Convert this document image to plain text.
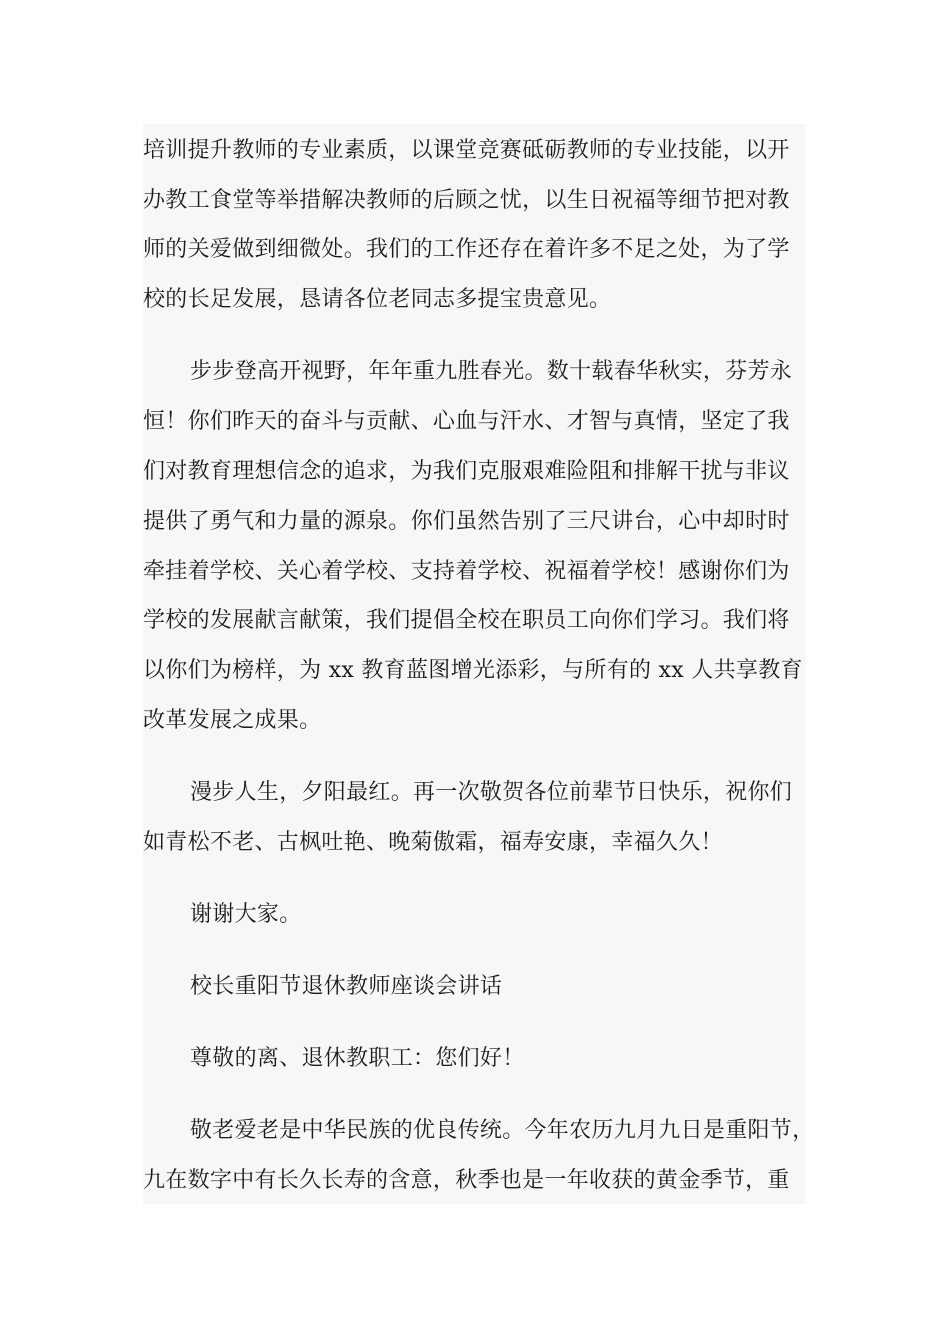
培训提升教师的专业素质，以课堂竞赛砥砺教师的专业技能，以开
办教工食堂等举措解决教师的后顾之忧，以生日祝福等细节把对教
师的关爱做到细微处。我们的工作还存在着许多不足之处，为了学
校的长足发展，恳请各位老同志多提宝贵意见。
步步登高开视野，年年重九胜春光。数十载春华秋实，芬芳永
恒！你们昨天的奋斗与贡献、心血与汗水、才智与真情，坚定了我
们对教育理想信念的追求，为我们克服艰难险阻和排解干扰与非议
提供了勇气和力量的源泉。你们虽然告别了三尺讲台，心中却时时
牵挂着学校、关心着学校、支持着学校、祝福着学校！感谢你们为
学校的发展献言献策，我们提倡全校在职员工向你们学习。我们将
以你们为榜样，为 xx 教育蓝图增光添彩，与所有的 xx 人共享教育
改革发展之成果。
漫步人生，夕阳最红。再一次敬贺各位前辈节日快乐，祝你们
如青松不老、古枫吐艳、晚菊傲霜，福寿安康，幸福久久！
谢谢大家。
校长重阳节退休教师座谈会讲话
尊敬的离、退休教职工：您们好！
敬老爱老是中华民族的优良传统。今年农历九月九日是重阳节，
九在数字中有长久长寿的含意，秋季也是一年收获的黄金季节，重
